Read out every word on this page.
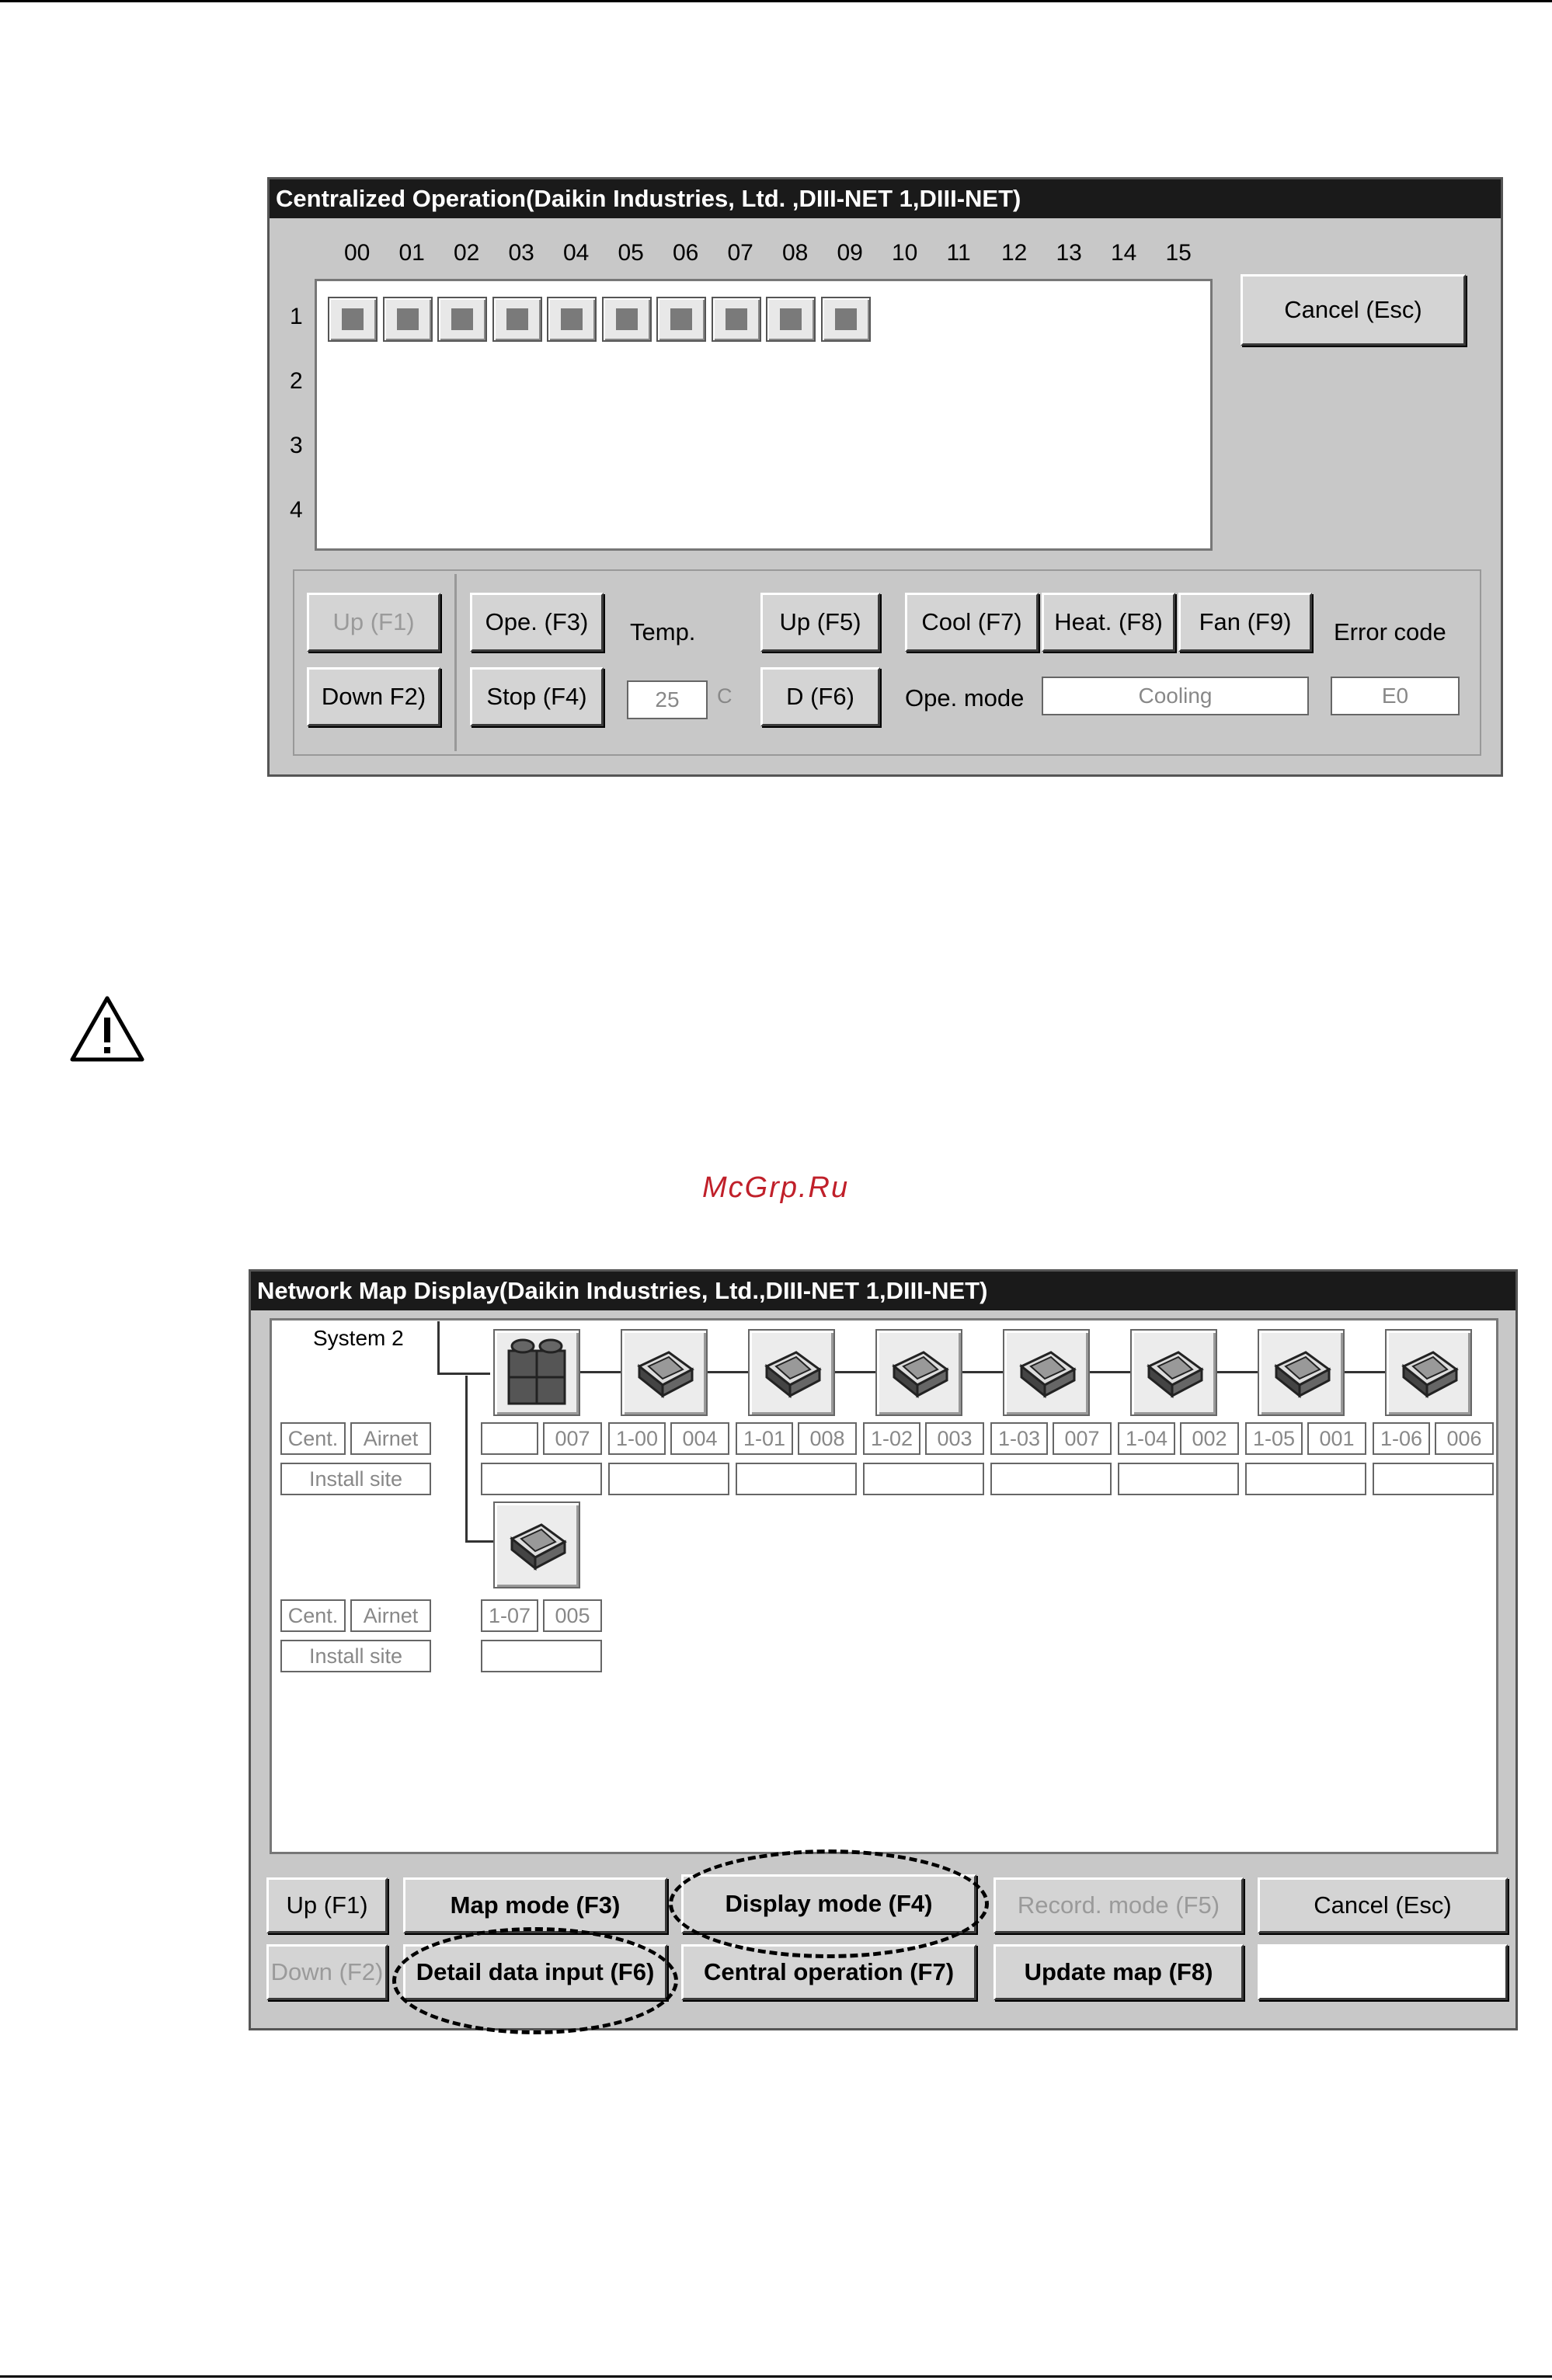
Centralized Operation(Daikin Industries, Ltd. ,DIII-NET 1,DIII-NET)
Cancel (Esc)
Up (F1)
Down F2)
Ope. (F3)
Stop (F4)
Temp.
25	C
Up (F5)
D (F6)
Cool (F7)	Heat. (F8)	Fan (F9)
Ope. mode	Cooling
Error code
E0
00 01 02 03 04 05 06 07 08 09 10 11 12 13 14 15
1
2
3
4
McGrp.Ru
Network Map Display(Daikin Industries, Ltd.,DIII-NET 1,DIII-NET)
System 2
Cent.	Airnet
Install site
Cent.	Airnet
Install site
Up (F1)
Down (F2)
Map mode (F3)	Display mode (F4)	Record. mode (F5)	Cancel (Esc)
Detail data input (F6)	Central operation (F7)	Update map (F8)
007	1-00	004	1-01	008	1-02	003	1-03	007	1-04	002	1-05	001	1-06	006
1-07	005
